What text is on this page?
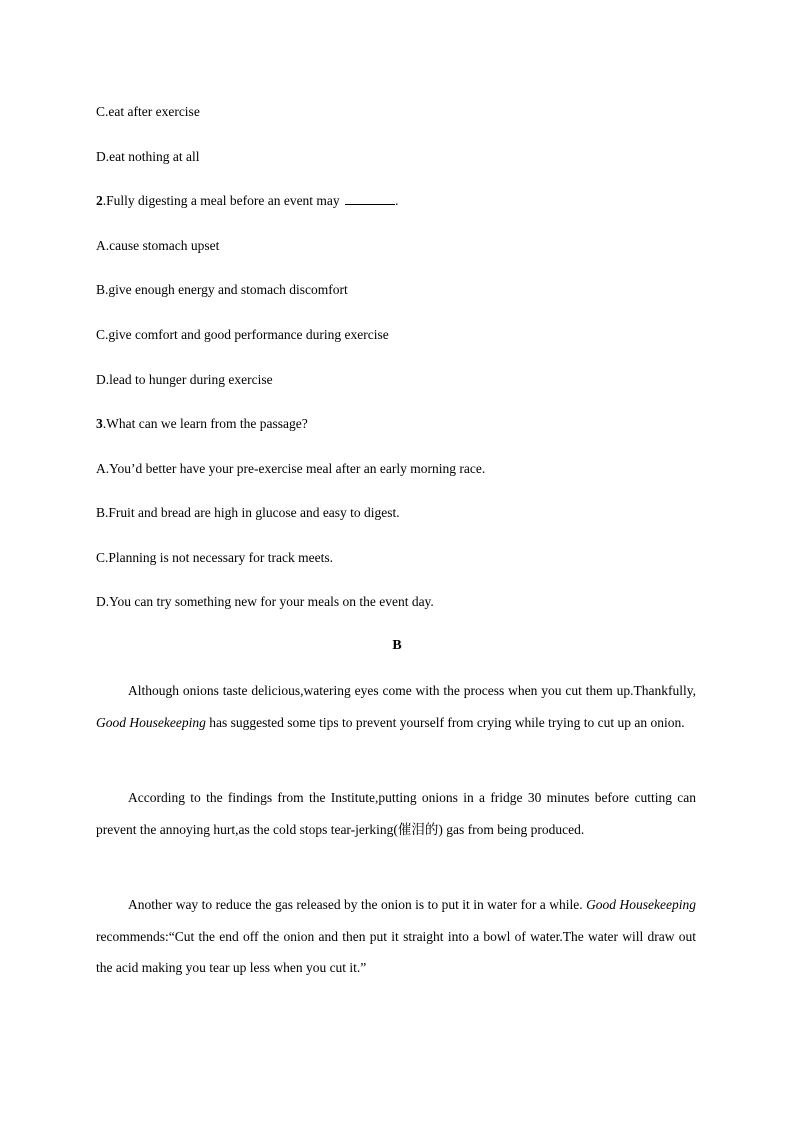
C.eat after exercise
D.eat nothing at all
2.Fully digesting a meal before an event may	.
A.cause stomach upset
B.give enough energy and stomach discomfort
C.give comfort and good performance during exercise
D.lead to hunger during exercise
3.What can we learn from the passage?
A.You’d better have your pre-exercise meal after an early morning race.
B.Fruit and bread are high in glucose and easy to digest.
C.Planning is not necessary for track meets.
D.You can try something new for your meals on the event day.
B
Although onions taste delicious,watering eyes come with the process when you cut them up.Thankfully, Good Housekeeping has suggested some tips to prevent yourself from crying while trying to cut up an onion.
According to the findings from the Institute,putting onions in a fridge 30 minutes before cutting can prevent the annoying hurt,as the cold stops tear-jerking(催泪的) gas from being produced.
Another way to reduce the gas released by the onion is to put it in water for a while. Good Housekeeping recommends:“Cut the end off the onion and then put it straight into a bowl of water.The water will draw out the acid making you tear up less when you cut it.”
